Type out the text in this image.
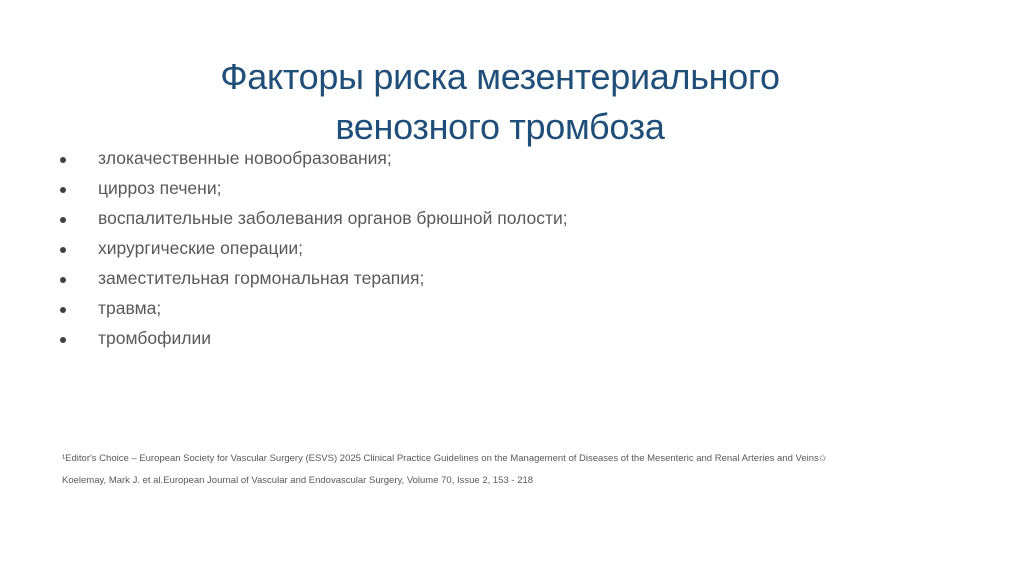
Факторы риска мезентериального
венозного тромбоза
злокачественные новообразования;
цирроз печени;
воспалительные заболевания органов брюшной полости;
хирургические операции;
заместительная гормональная терапия;
травма;
тромбофилии

¹Editor's Choice – European Society for Vascular Surgery (ESVS) 2025 Clinical Practice Guidelines on the Management of Diseases of the Mesenteric and Renal Arteries and Veins✩

Koelemay, Mark J. et al.European Journal of Vascular and Endovascular Surgery, Volume 70, Issue 2, 153 - 218
